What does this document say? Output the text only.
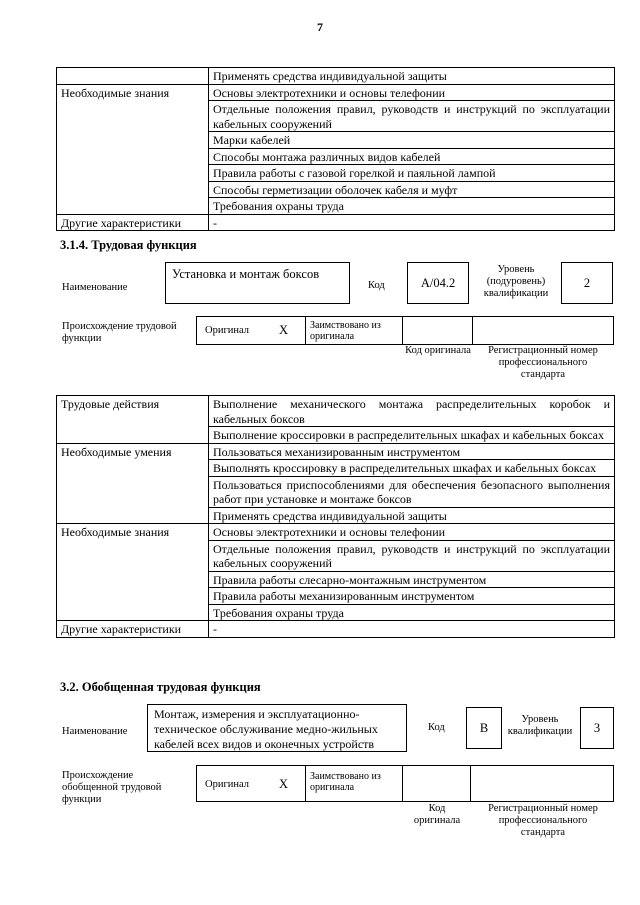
7
	Применять средства индивидуальной защиты
Необходимые знания	Основы электротехники и основы телефонии
	Отдельные положения правил, руководств и инструкций по эксплуатации кабельных сооружений
	Марки кабелей
	Способы монтажа различных видов кабелей
	Правила работы с газовой горелкой и паяльной лампой
	Способы герметизации оболочек кабеля и муфт
	Требования охраны труда
Другие характеристики	-
3.1.4. Трудовая функция
Наименование
Установка и монтаж боксов
Код	А/04.2
Уровень (подуровень) квалификации
2
Происхождение трудовой функции
Оригинал X	Заимствовано из оригинала
Код оригинала	Регистрационный номер профессионального стандарта
Трудовые действия	Выполнение механического монтажа распределительных коробок и кабельных боксов
	Выполнение кроссировки в распределительных шкафах и кабельных боксах
Необходимые умения	Пользоваться механизированным инструментом
	Выполнять кроссировку в распределительных шкафах и кабельных боксах
	Пользоваться приспособлениями для обеспечения безопасного выполнения работ при установке и монтаже боксов
	Применять средства индивидуальной защиты
Необходимые знания	Основы электротехники и основы телефонии
	Отдельные положения правил, руководств и инструкций по эксплуатации кабельных сооружений
	Правила работы слесарно-монтажным инструментом
	Правила работы механизированным инструментом
	Требования охраны труда
Другие характеристики	-
3.2. Обобщенная трудовая функция
Наименование
Монтаж, измерения и эксплуатационно-техническое обслуживание медно-жильных кабелей всех видов и оконечных устройств
Код	B
Уровень квалификации	3
Происхождение обобщенной трудовой функции
Оригинал X
Заимствовано из оригинала
Код оригинала
Регистрационный номер профессионального стандарта
